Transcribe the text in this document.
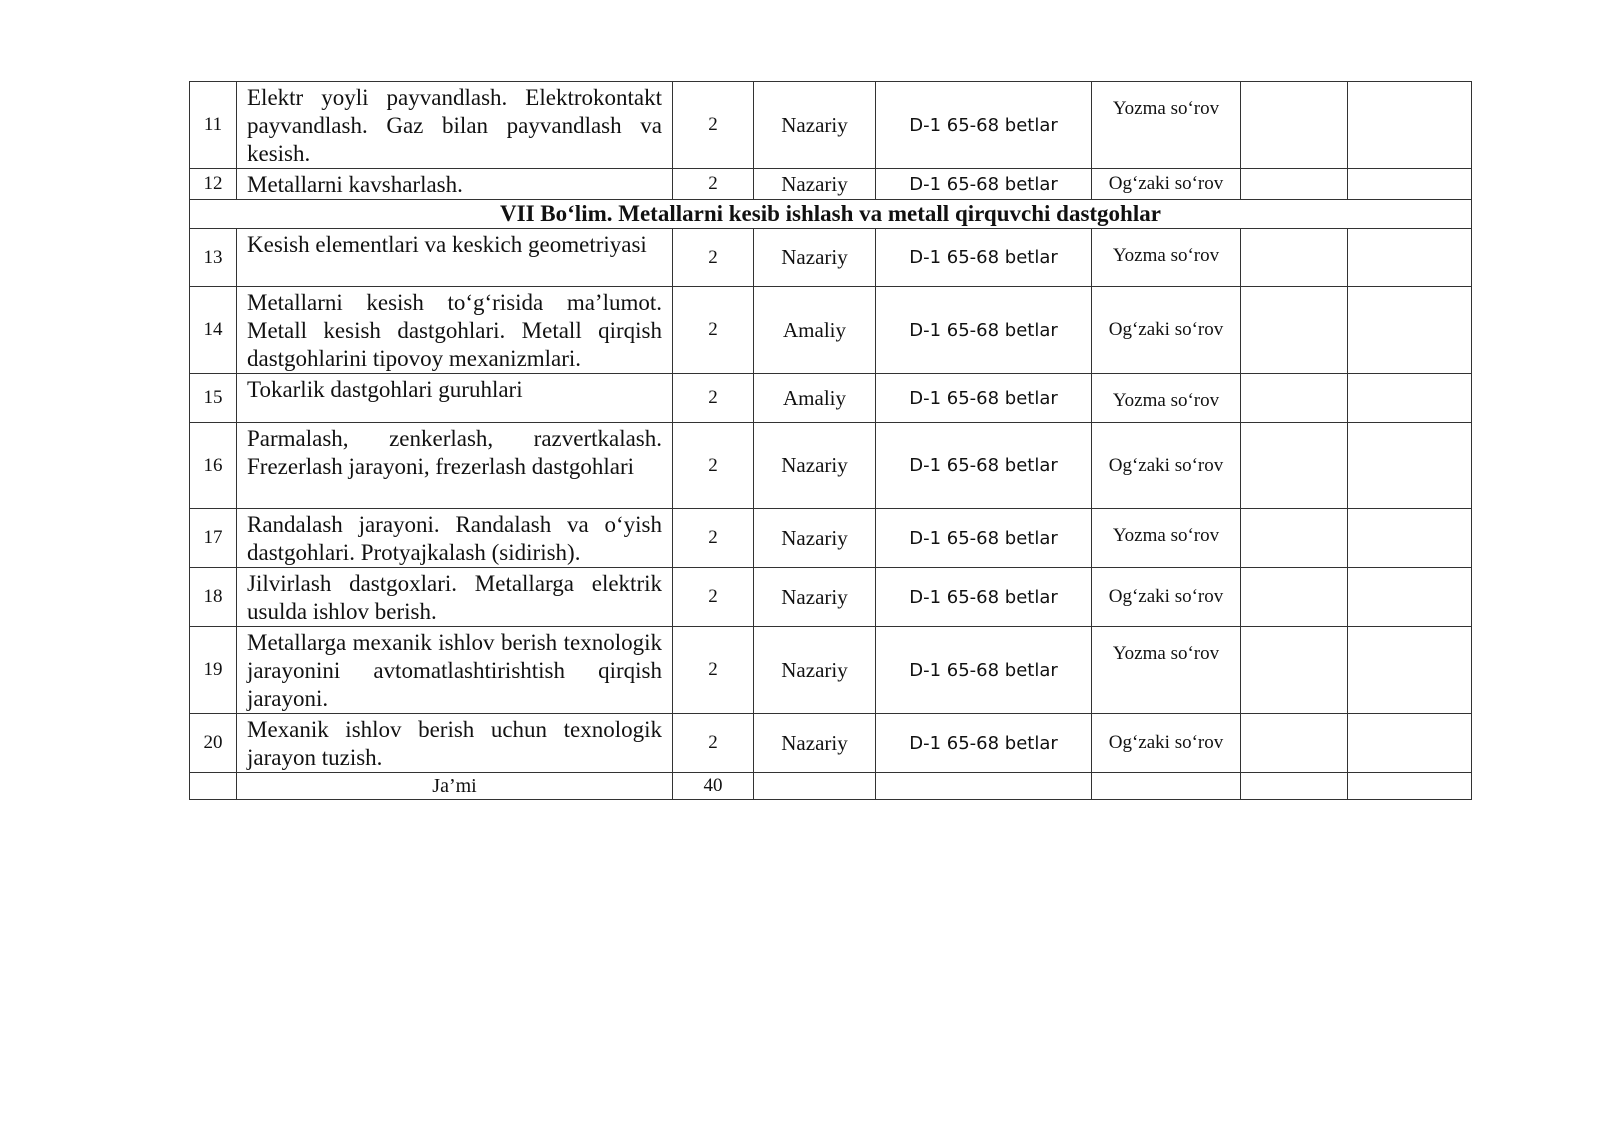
11	Elektr yoyli payvandlash. Elektrokontakt payvandlash. Gaz bilan payvandlash va kesish.	2	Nazariy	D-1 65-68 betlar	Yozma so‘rov		
12	Metallarni kavsharlash.	2	Nazariy	D-1 65-68 betlar	Og‘zaki so‘rov		
VII Bo‘lim. Metallarni kesib ishlash va metall qirquvchi dastgohlar							
13	Kesish elementlari va keskich geometriyasi	2	Nazariy	D-1 65-68 betlar	Yozma so‘rov		
14	Metallarni kesish to‘g‘risida ma’lumot. Metall kesish dastgohlari. Metall qirqish dastgohlarini tipovoy mexanizmlari.	2	Amaliy	D-1 65-68 betlar	Og‘zaki so‘rov		
15	Tokarlik dastgohlari guruhlari	2	Amaliy	D-1 65-68 betlar	Yozma so‘rov		
16	Parmalash, zenkerlash, razvertkalash. Frezerlash jarayoni, frezerlash dastgohlari	2	Nazariy	D-1 65-68 betlar	Og‘zaki so‘rov		
17	Randalash jarayoni. Randalash va o‘yish dastgohlari. Protyajkalash (sidirish).	2	Nazariy	D-1 65-68 betlar	Yozma so‘rov		
18	Jilvirlash dastgoxlari. Metallarga elektrik usulda ishlov berish.	2	Nazariy	D-1 65-68 betlar	Og‘zaki so‘rov		
19	Metallarga mexanik ishlov berish texnologik jarayonini avtomatlashtirishtish qirqish jarayoni.	2	Nazariy	D-1 65-68 betlar	Yozma so‘rov		
20	Mexanik ishlov berish uchun texnologik jarayon tuzish.	2	Nazariy	D-1 65-68 betlar	Og‘zaki so‘rov		
	Ja’mi	40					
